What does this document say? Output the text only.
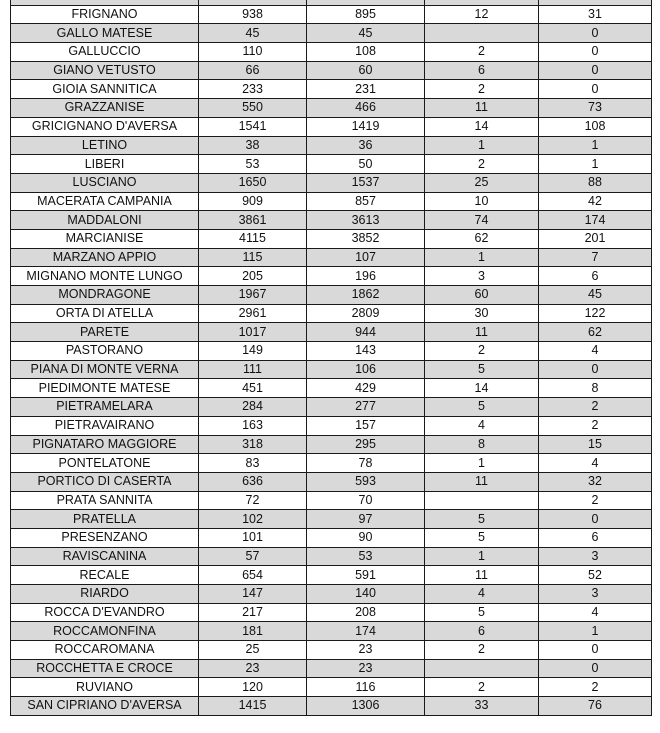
FRIGNANO	938	895	12	31
GALLO MATESE	45	45		0
GALLUCCIO	110	108	2	0
GIANO VETUSTO	66	60	6	0
GIOIA SANNITICA	233	231	2	0
GRAZZANISE	550	466	11	73
GRICIGNANO D'AVERSA	1541	1419	14	108
LETINO	38	36	1	1
LIBERI	53	50	2	1
LUSCIANO	1650	1537	25	88
MACERATA CAMPANIA	909	857	10	42
MADDALONI	3861	3613	74	174
MARCIANISE	4115	3852	62	201
MARZANO APPIO	115	107	1	7
MIGNANO MONTE LUNGO	205	196	3	6
MONDRAGONE	1967	1862	60	45
ORTA DI ATELLA	2961	2809	30	122
PARETE	1017	944	11	62
PASTORANO	149	143	2	4
PIANA DI MONTE VERNA	111	106	5	0
PIEDIMONTE MATESE	451	429	14	8
PIETRAMELARA	284	277	5	2
PIETRAVAIRANO	163	157	4	2
PIGNATARO MAGGIORE	318	295	8	15
PONTELATONE	83	78	1	4
PORTICO DI CASERTA	636	593	11	32
PRATA SANNITA	72	70		2
PRATELLA	102	97	5	0
PRESENZANO	101	90	5	6
RAVISCANINA	57	53	1	3
RECALE	654	591	11	52
RIARDO	147	140	4	3
ROCCA D'EVANDRO	217	208	5	4
ROCCAMONFINA	181	174	6	1
ROCCAROMANA	25	23	2	0
ROCCHETTA E CROCE	23	23		0
RUVIANO	120	116	2	2
SAN CIPRIANO D'AVERSA	1415	1306	33	76
